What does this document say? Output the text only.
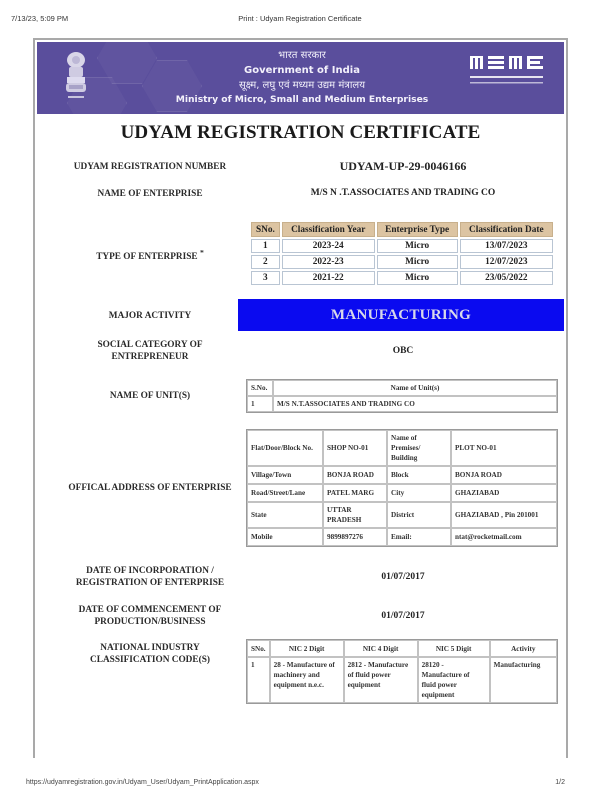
7/13/23, 5:09 PM	Print : Udyam Registration Certificate
भारत सरकार
Government of India
सूक्ष्म, लघु एवं मध्यम उद्यम मंत्रालय
Ministry of Micro, Small and Medium Enterprises
UDYAM REGISTRATION CERTIFICATE
UDYAM REGISTRATION NUMBER	UDYAM-UP-29-0046166
NAME OF ENTERPRISE	M/S N .T.ASSOCIATES AND TRADING CO
TYPE OF ENTERPRISE *
SNo.	Classification Year	Enterprise Type	Classification Date
1	2023-24	Micro	13/07/2023
2	2022-23	Micro	12/07/2023
3	2021-22	Micro	23/05/2022
MAJOR ACTIVITY	MANUFACTURING
SOCIAL CATEGORY OF
ENTREPRENEUR
OBC
NAME OF UNIT(S)
S.No.	Name of Unit(s)
1	M/S N.T.ASSOCIATES AND TRADING CO
OFFICAL ADDRESS OF ENTERPRISE
Flat/Door/Block No.	SHOP NO-01	Name of Premises/ Building	PLOT NO-01
Village/Town	BONJA ROAD	Block	BONJA ROAD
Road/Street/Lane	PATEL MARG	City	GHAZIABAD
State	UTTAR PRADESH	District	GHAZIABAD , Pin 201001
Mobile	9899897276	Email:	ntat@rocketmail.com
DATE OF INCORPORATION /
REGISTRATION OF ENTERPRISE
01/07/2017
DATE OF COMMENCEMENT OF
PRODUCTION/BUSINESS
01/07/2017
NATIONAL INDUSTRY
CLASSIFICATION CODE(S)
SNo.	NIC 2 Digit	NIC 4 Digit	NIC 5 Digit	Activity
1	28 - Manufacture of machinery and equipment n.e.c.	2812 - Manufacture of fluid power equipment	28120 - Manufacture of fluid power equipment	Manufacturing
https://udyamregistration.gov.in/Udyam_User/Udyam_PrintApplication.aspx	1/2
